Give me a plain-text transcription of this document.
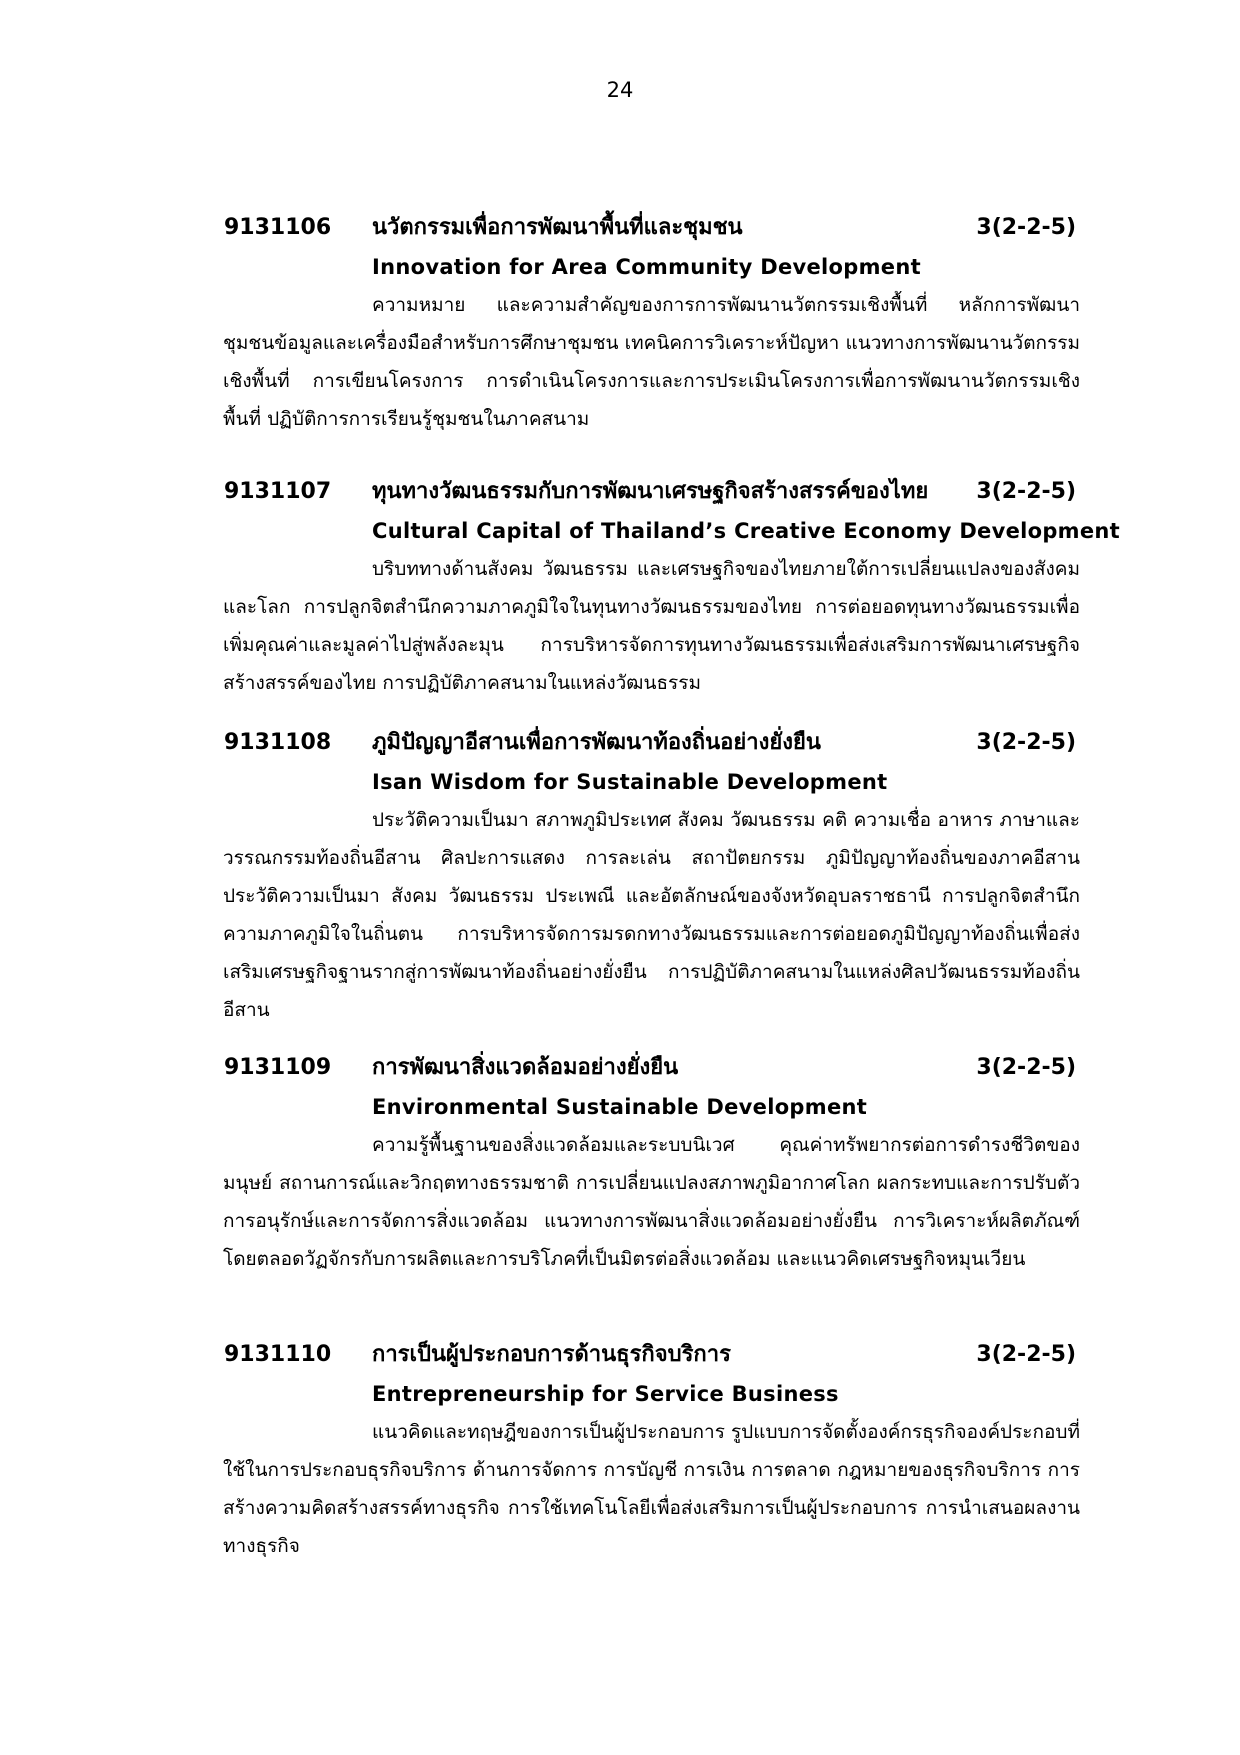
24
9131106 นวัตกรรมเพื่อการพัฒนาพื้นที่และชุมชน	3(2-2-5)
Innovation for Area Community Development

ความหมาย และความสำคัญของการการพัฒนานวัตกรรมเชิงพื้นที่ หลักการพัฒนาชุมชนข้อมูลและเครื่องมือสำหรับการศึกษาชุมชน เทคนิคการวิเคราะห์ปัญหา แนวทางการพัฒนานวัตกรรม เชิงพื้นที่ การเขียนโครงการ การดำเนินโครงการและการประเมินโครงการเพื่อการพัฒนานวัตกรรมเชิงพื้นที่ ปฏิบัติการการเรียนรู้ชุมชนในภาคสนาม

9131107 ทุนทางวัฒนธรรมกับการพัฒนาเศรษฐกิจสร้างสรรค์ของไทย 3(2-2-5)
Cultural Capital of Thailand’s Creative Economy Development

บริบททางด้านสังคม วัฒนธรรม และเศรษฐกิจของไทยภายใต้การเปลี่ยนแปลงของสังคมและโลก การปลูกจิตสำนึกความภาคภูมิใจในทุนทางวัฒนธรรมของไทย การต่อยอดทุนทางวัฒนธรรมเพื่อเพิ่มคุณค่าและมูลค่าไปสู่พลังละมุน การบริหารจัดการทุนทางวัฒนธรรมเพื่อส่งเสริมการพัฒนาเศรษฐกิจสร้างสรรค์ของไทย การปฏิบัติภาคสนามในแหล่งวัฒนธรรม

9131108 ภูมิปัญญาอีสานเพื่อการพัฒนาท้องถิ่นอย่างยั่งยืน	3(2-2-5)
Isan Wisdom for Sustainable Development

ประวัติความเป็นมา สภาพภูมิประเทศ สังคม วัฒนธรรม คติ ความเชื่อ อาหาร ภาษาและวรรณกรรมท้องถิ่นอีสาน ศิลปะการแสดง การละเล่น สถาปัตยกรรม ภูมิปัญญาท้องถิ่นของภาคอีสาน ประวัติความเป็นมา สังคม วัฒนธรรม ประเพณี และอัตลักษณ์ของจังหวัดอุบลราชธานี การปลูกจิตสำนึก ความภาคภูมิใจในถิ่นตน การบริหารจัดการมรดกทางวัฒนธรรมและการต่อยอดภูมิปัญญาท้องถิ่นเพื่อส่งเสริมเศรษฐกิจฐานรากสู่การพัฒนาท้องถิ่นอย่างยั่งยืน การปฏิบัติภาคสนามในแหล่งศิลปวัฒนธรรมท้องถิ่นอีสาน

9131109 การพัฒนาสิ่งแวดล้อมอย่างยั่งยืน	3(2-2-5)
Environmental Sustainable Development

ความรู้พื้นฐานของสิ่งแวดล้อมและระบบนิเวศ คุณค่าทรัพยากรต่อการดำรงชีวิตของมนุษย์ สถานการณ์และวิกฤตทางธรรมชาติ การเปลี่ยนแปลงสภาพภูมิอากาศโลก ผลกระทบและการปรับตัว การอนุรักษ์และการจัดการสิ่งแวดล้อม แนวทางการพัฒนาสิ่งแวดล้อมอย่างยั่งยืน การวิเคราะห์ผลิตภัณฑ์โดยตลอดวัฏจักรกับการผลิตและการบริโภคที่เป็นมิตรต่อสิ่งแวดล้อม และแนวคิดเศรษฐกิจหมุนเวียน

9131110 การเป็นผู้ประกอบการด้านธุรกิจบริการ	3(2-2-5)
Entrepreneurship for Service Business

แนวคิดและทฤษฎีของการเป็นผู้ประกอบการ รูปแบบการจัดตั้งองค์กรธุรกิจองค์ประกอบที่ใช้ในการประกอบธุรกิจบริการ ด้านการจัดการ การบัญชี การเงิน การตลาด กฎหมายของธุรกิจบริการ การสร้างความคิดสร้างสรรค์ทางธุรกิจ การใช้เทคโนโลยีเพื่อส่งเสริมการเป็นผู้ประกอบการ การนำเสนอผลงานทางธุรกิจ
